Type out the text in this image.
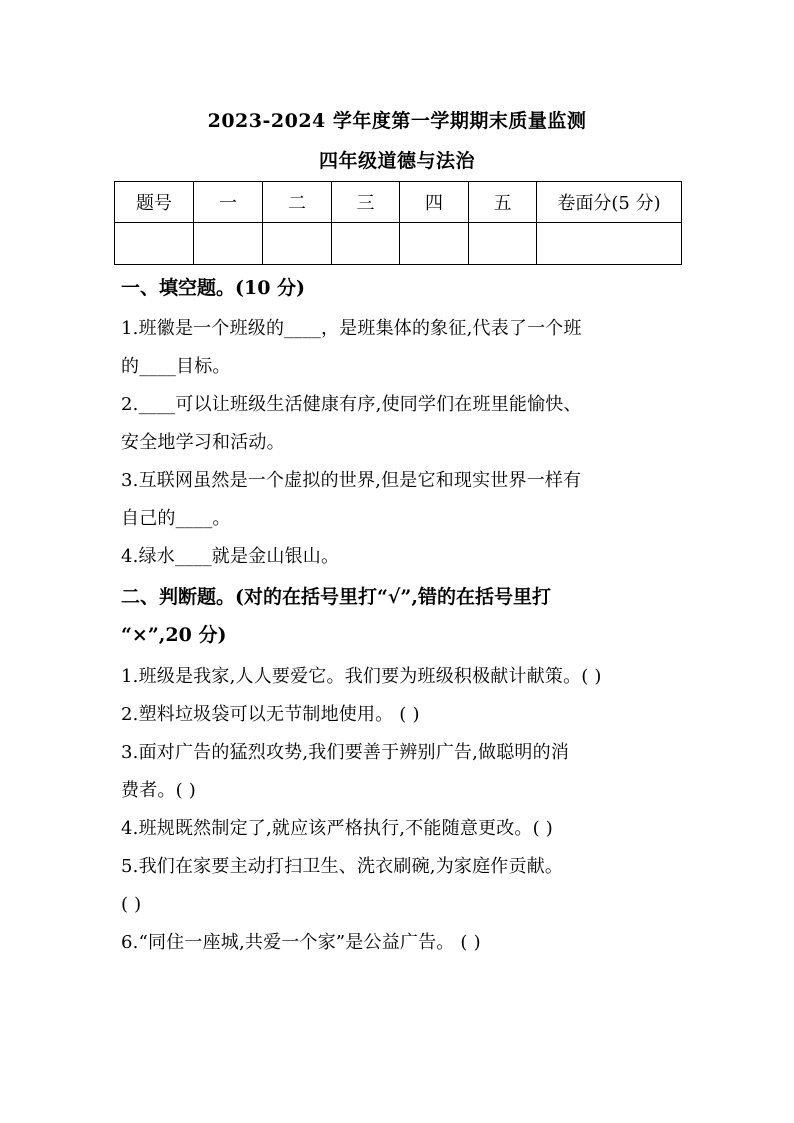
2023-2024 学年度第一学期期末质量监测
四年级道德与法治
题号	一	二	三	四	五	卷面分(5 分)

一、填空题。(10 分)
1.班徽是一个班级的____，是班集体的象征,代表了一个班
的____目标。
2.____可以让班级生活健康有序,使同学们在班里能愉快、
安全地学习和活动。
3.互联网虽然是一个虚拟的世界,但是它和现实世界一样有
自己的____。
4.绿水____就是金山银山。
二、判断题。(对的在括号里打“√”,错的在括号里打
“×”,20 分)
1.班级是我家,人人要爱它。我们要为班级积极献计献策。( )
2.塑料垃圾袋可以无节制地使用。 ( )
3.面对广告的猛烈攻势,我们要善于辨别广告,做聪明的消
费者。( )
4.班规既然制定了,就应该严格执行,不能随意更改。( )
5.我们在家要主动打扫卫生、洗衣刷碗,为家庭作贡献。
( )
6.“同住一座城,共爱一个家”是公益广告。 ( )
